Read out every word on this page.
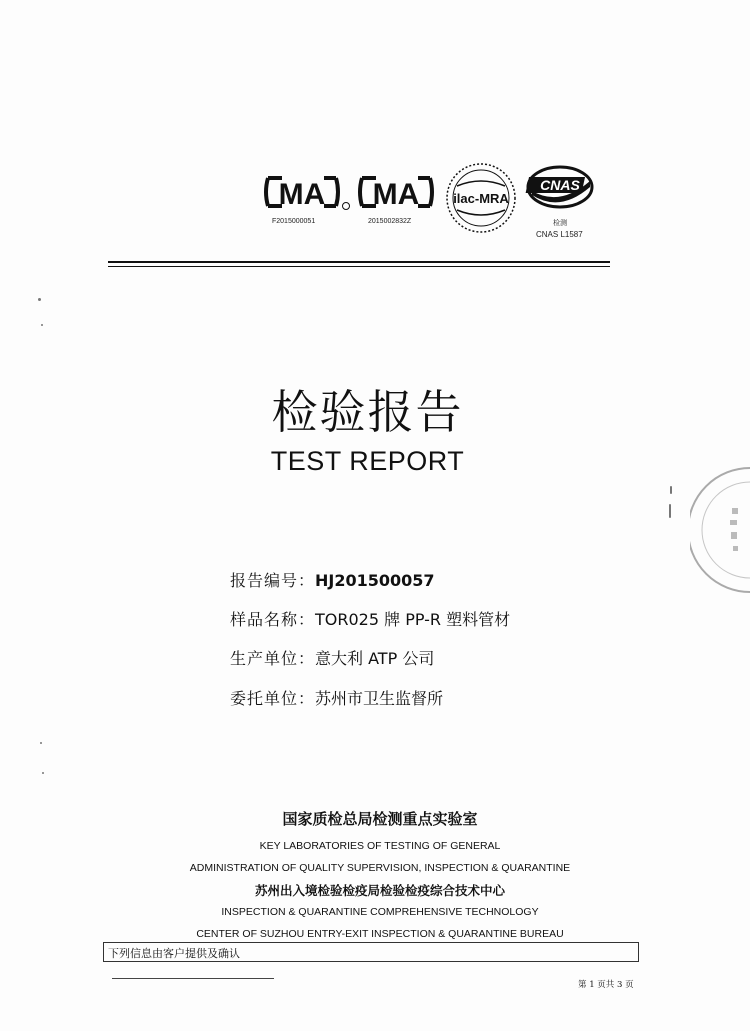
MA
F2015000051
MA
2015002832Z
ilac-MRA
CNAS
检测
CNAS L1587
检验报告
TEST REPORT
报告编号：HJ201500057
样品名称：TOR025 牌 PP-R 塑料管材
生产单位：意大利 ATP 公司
委托单位：苏州市卫生监督所
国家质检总局检测重点实验室
KEY LABORATORIES OF TESTING OF GENERAL
ADMINISTRATION OF QUALITY SUPERVISION, INSPECTION & QUARANTINE
苏州出入境检验检疫局检验检疫综合技术中心
INSPECTION & QUARANTINE COMPREHENSIVE TECHNOLOGY
CENTER OF SUZHOU ENTRY-EXIT INSPECTION & QUARANTINE BUREAU
下列信息由客户提供及确认
第 1 页共 3 页
